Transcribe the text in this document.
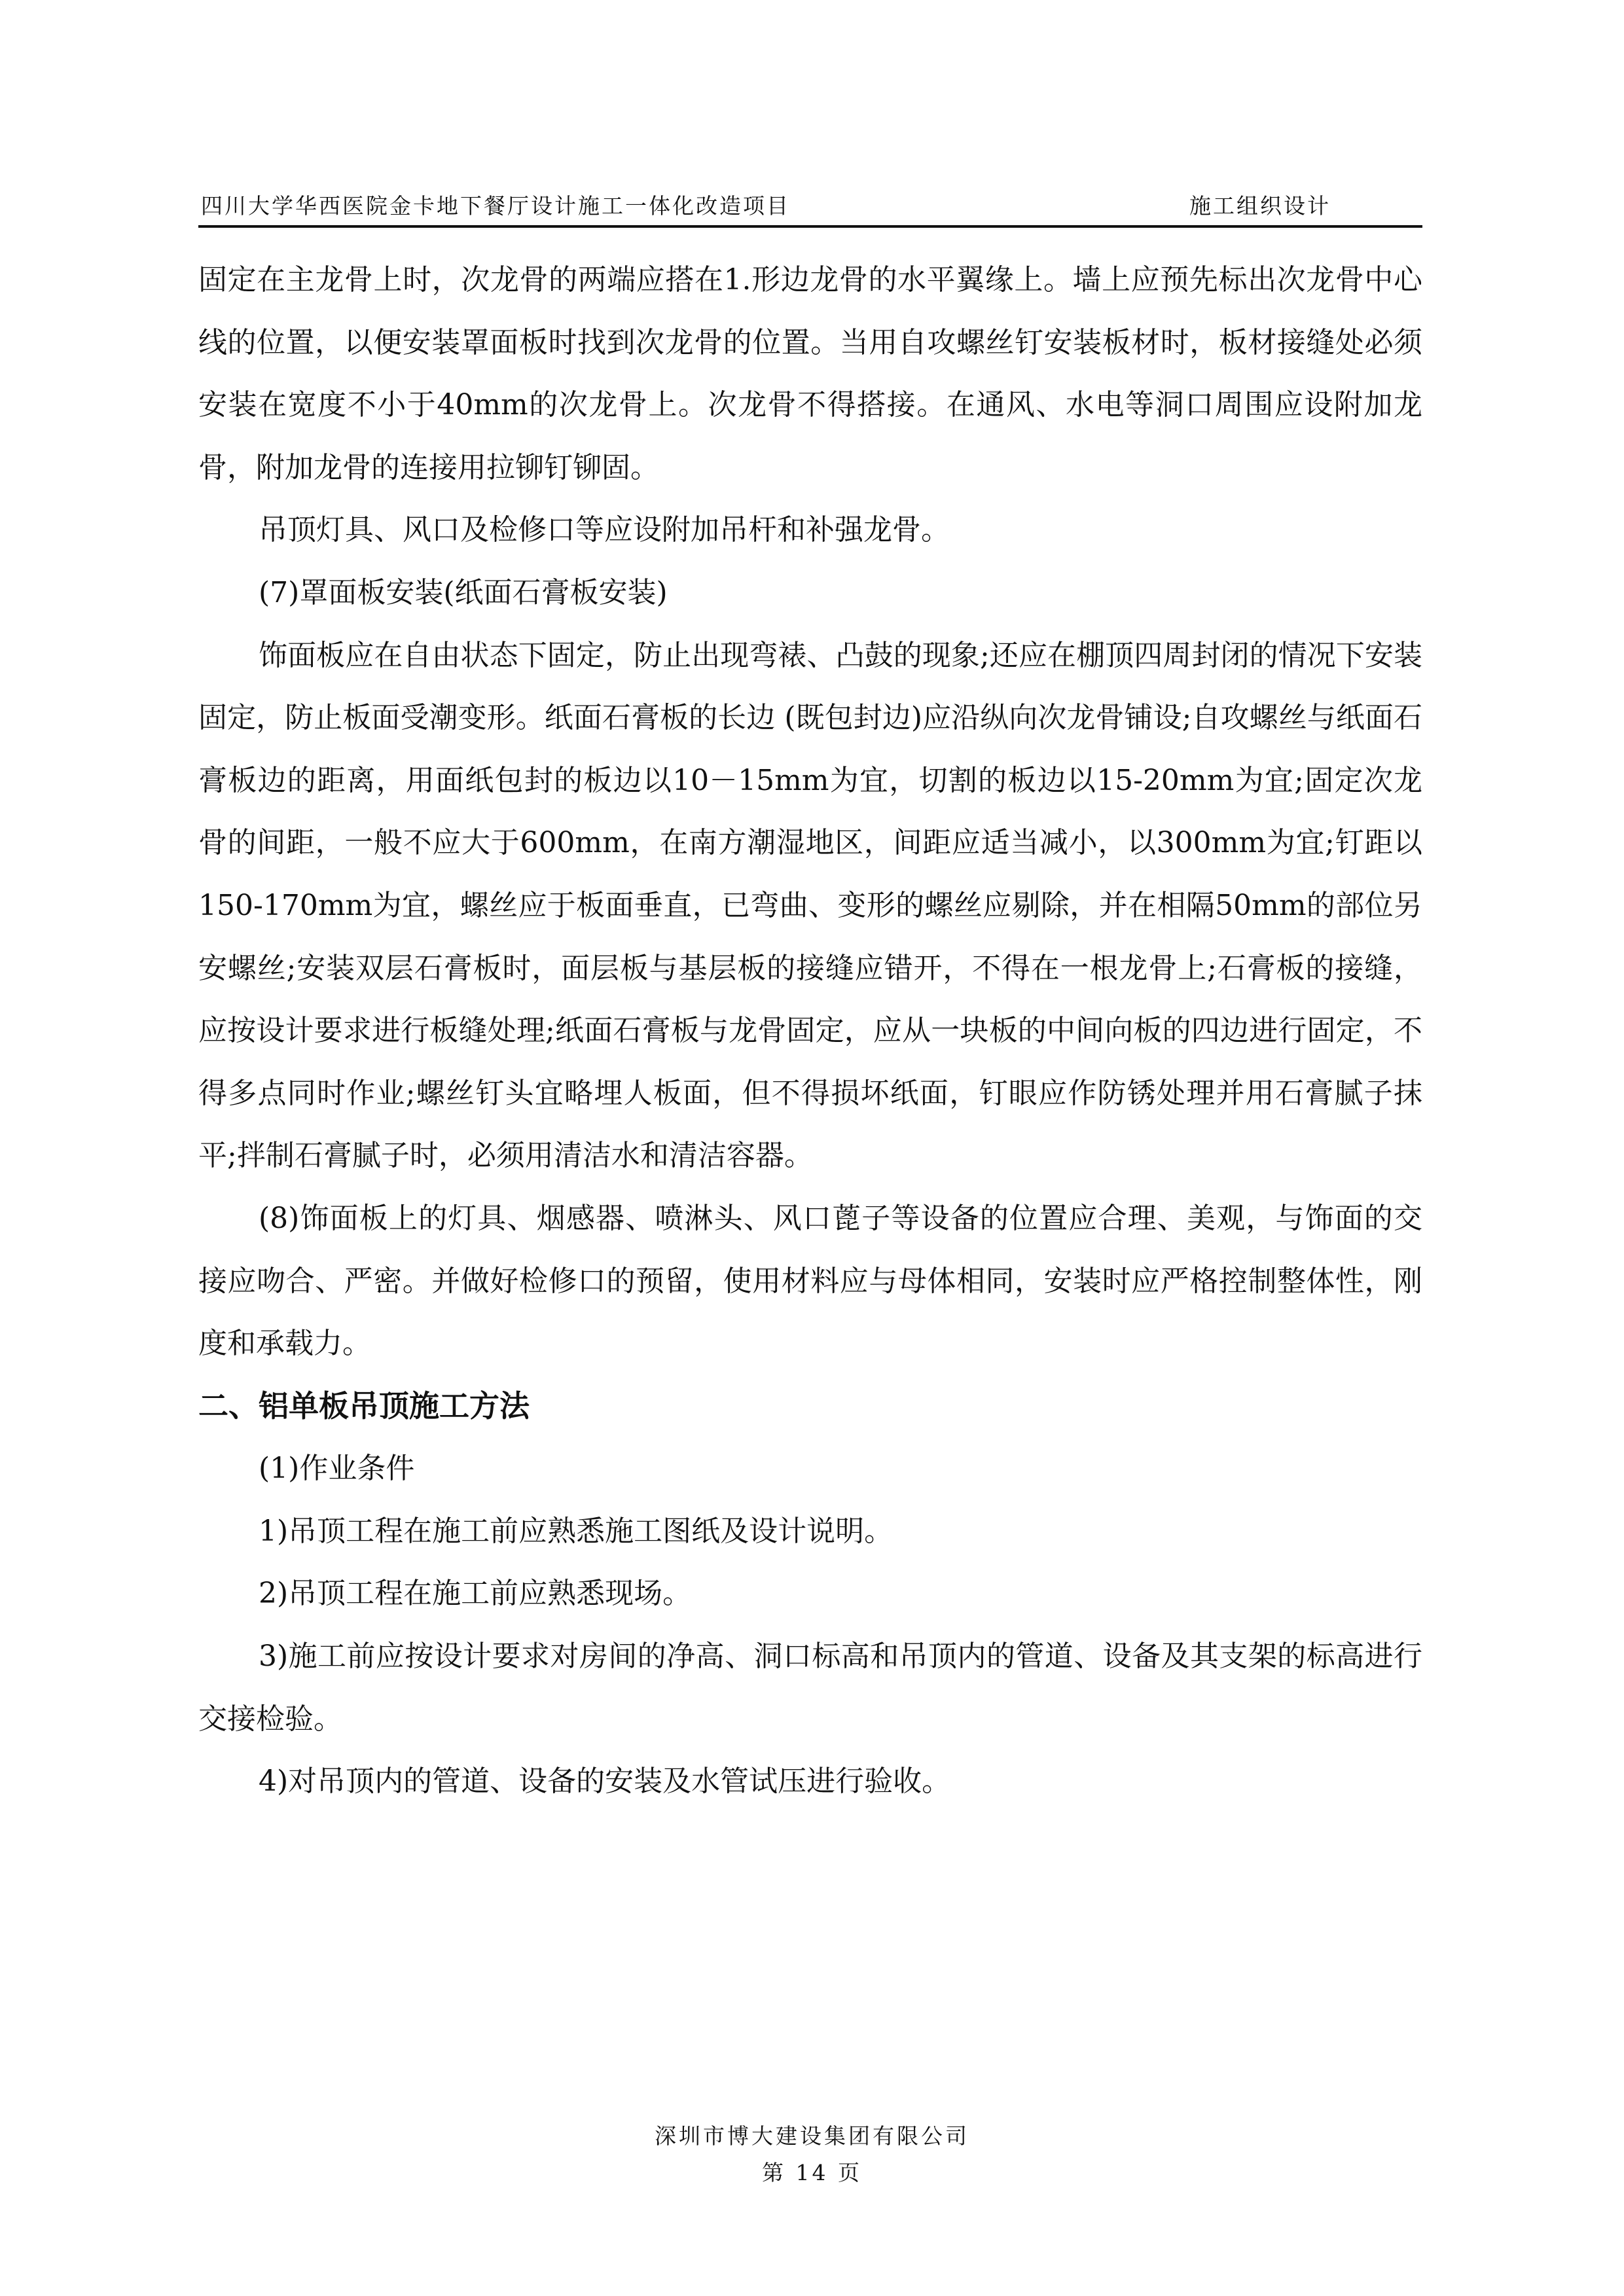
四川大学华西医院金卡地下餐厅设计施工一体化改造项目	施工组织设计

固定在主龙骨上时，次龙骨的两端应搭在1.形边龙骨的水平翼缘上。墙上应预先标出次龙骨中心线的位置，以便安装罩面板时找到次龙骨的位置。当用自攻螺丝钉安装板材时，板材接缝处必须安装在宽度不小于40mm的次龙骨上。次龙骨不得搭接。在通风、水电等洞口周围应设附加龙骨，附加龙骨的连接用拉铆钉铆固。

吊顶灯具、风口及检修口等应设附加吊杆和补强龙骨。

(7)罩面板安装(纸面石膏板安装)

饰面板应在自由状态下固定，防止出现弯裱、凸鼓的现象;还应在棚顶四周封闭的情况下安装固定，防止板面受潮变形。纸面石膏板的长边 (既包封边)应沿纵向次龙骨铺设;自攻螺丝与纸面石膏板边的距离，用面纸包封的板边以10－15mm为宜，切割的板边以15-20mm为宜;固定次龙骨的间距，一般不应大于600mm，在南方潮湿地区，间距应适当减小，以300mm为宜;钉距以150-170mm为宜，螺丝应于板面垂直，已弯曲、变形的螺丝应剔除，并在相隔50mm的部位另安螺丝;安装双层石膏板时，面层板与基层板的接缝应错开，不得在一根龙骨上;石膏板的接缝，应按设计要求进行板缝处理;纸面石膏板与龙骨固定，应从一块板的中间向板的四边进行固定，不得多点同时作业;螺丝钉头宜略埋人板面，但不得损坏纸面，钉眼应作防锈处理并用石膏腻子抹平;拌制石膏腻子时，必须用清洁水和清洁容器。

(8)饰面板上的灯具、烟感器、喷淋头、风口蓖子等设备的位置应合理、美观，与饰面的交接应吻合、严密。并做好检修口的预留，使用材料应与母体相同，安装时应严格控制整体性，刚度和承载力。

二、铝单板吊顶施工方法

(1)作业条件

1)吊顶工程在施工前应熟悉施工图纸及设计说明。

2)吊顶工程在施工前应熟悉现场。

3)施工前应按设计要求对房间的净高、洞口标高和吊顶内的管道、设备及其支架的标高进行交接检验。

4)对吊顶内的管道、设备的安装及水管试压进行验收。

深圳市博大建设集团有限公司
第 14 页
